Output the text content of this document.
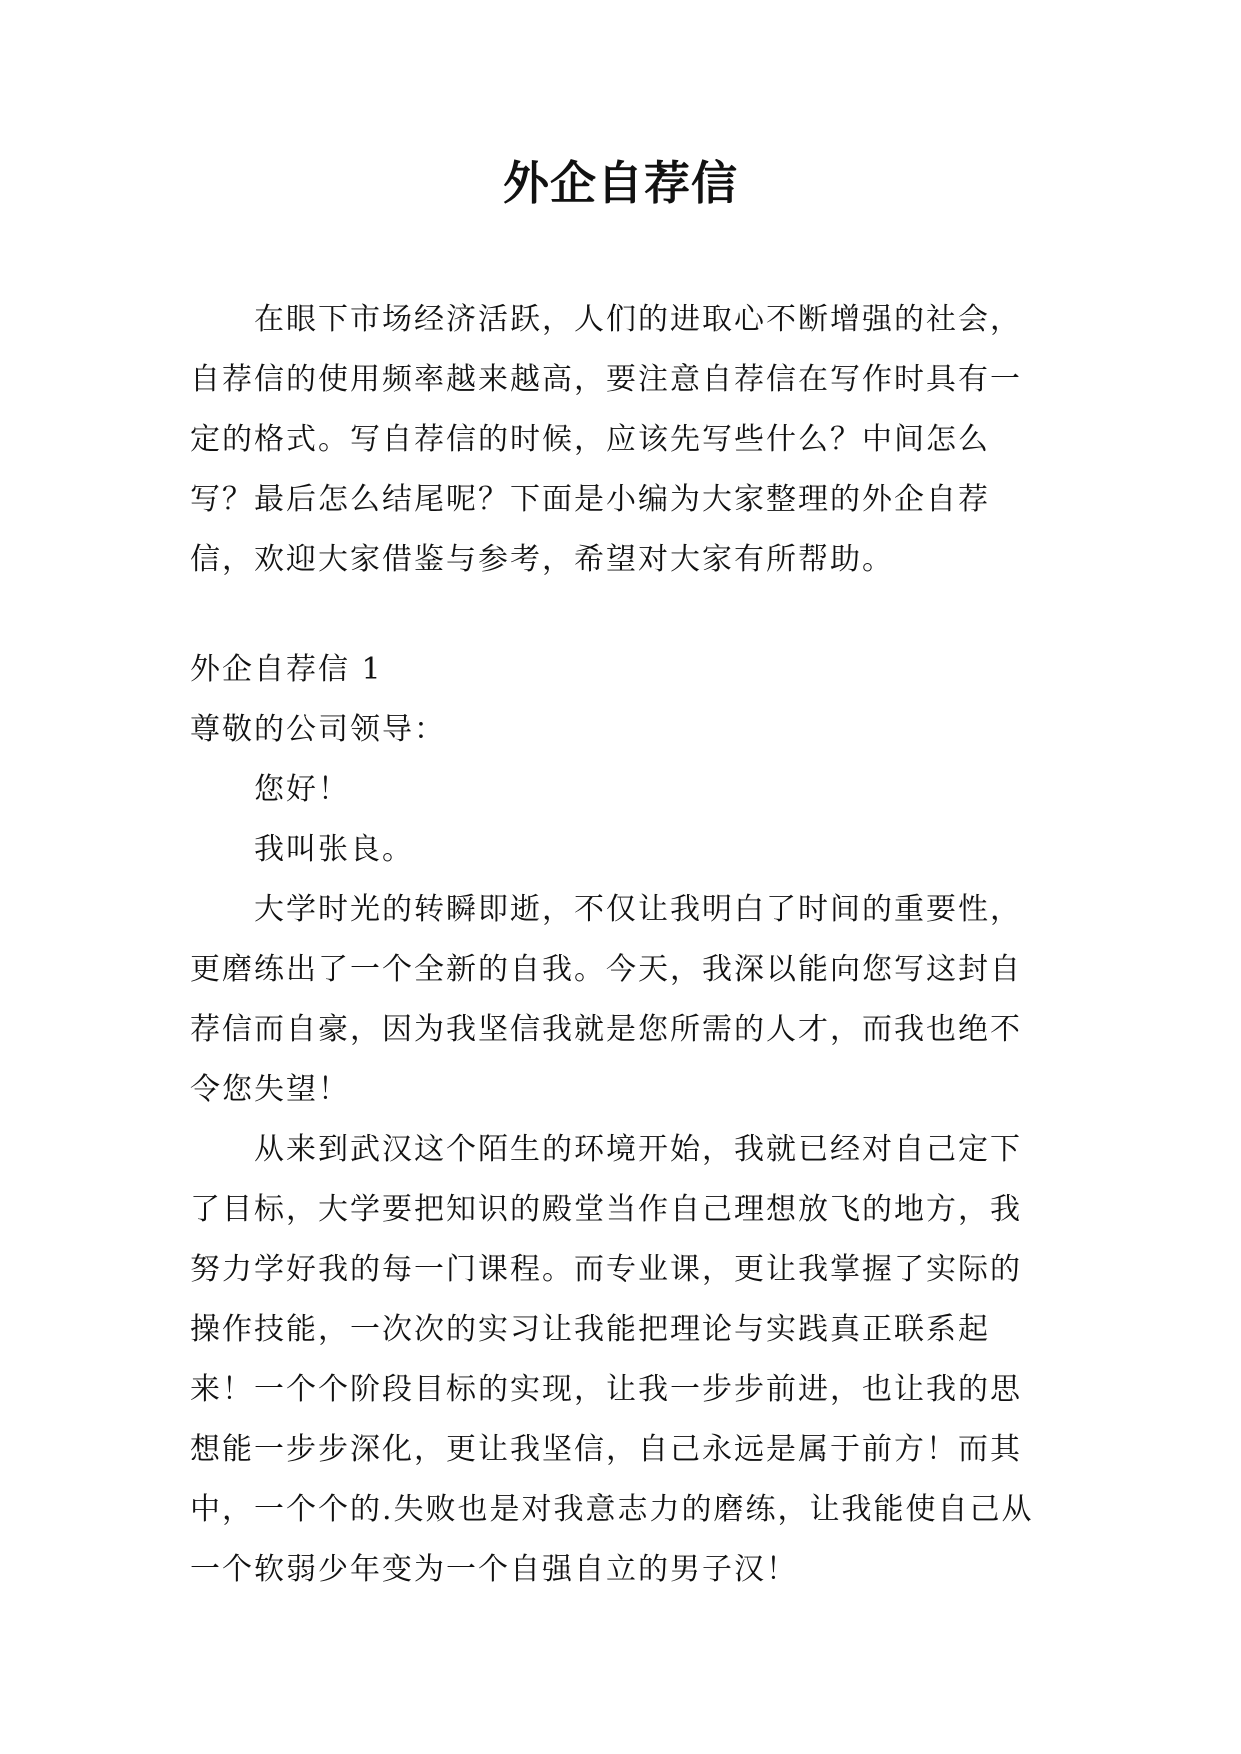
外企自荐信

在眼下市场经济活跃，人们的进取心不断增强的社会，自荐信的使用频率越来越高，要注意自荐信在写作时具有一定的格式。写自荐信的时候，应该先写些什么？中间怎么写？最后怎么结尾呢？下面是小编为大家整理的外企自荐信，欢迎大家借鉴与参考，希望对大家有所帮助。

外企自荐信 1

尊敬的公司领导：

您好！

我叫张良。

大学时光的转瞬即逝，不仅让我明白了时间的重要性，更磨练出了一个全新的自我。今天，我深以能向您写这封自荐信而自豪，因为我坚信我就是您所需的人才，而我也绝不令您失望！

从来到武汉这个陌生的环境开始，我就已经对自己定下了目标，大学要把知识的殿堂当作自己理想放飞的地方，我努力学好我的每一门课程。而专业课，更让我掌握了实际的操作技能，一次次的实习让我能把理论与实践真正联系起来！一个个阶段目标的实现，让我一步步前进，也让我的思想能一步步深化，更让我坚信，自己永远是属于前方！而其中，一个个的.失败也是对我意志力的磨练，让我能使自己从一个软弱少年变为一个自强自立的男子汉！
